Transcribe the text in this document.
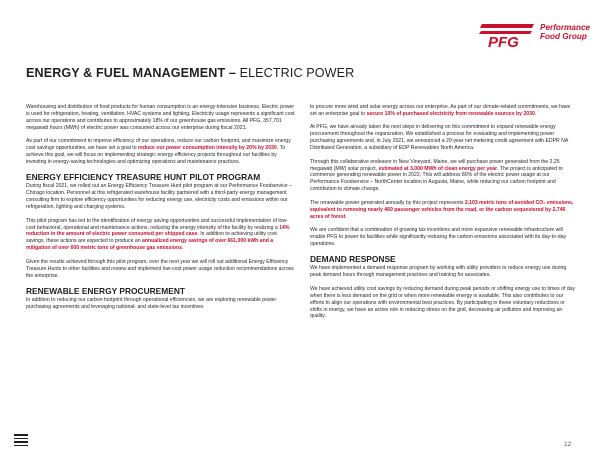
PFG
Performance
Food Group
ENERGY & FUEL MANAGEMENT – ELECTRIC POWER

Warehousing and distribution of food products for human consumption is an energy-intensive business. Electric power is used for refrigeration, heating, ventilation, HVAC systems and lighting. Electricity usage represents a significant cost across our operations and contributes to approximately 18% of our greenhouse gas emissions. All PFG, 357,701 megawatt hours (MWh) of electric power was consumed across our enterprise during fiscal 2021.

As part of our commitment to improve efficiency of our operations, reduce our carbon footprint, and maximize energy cost savings opportunities, we have set a goal to reduce our power consumption intensity by 20% by 2030. To achieve this goal, we will focus on implementing strategic energy efficiency projects throughout our facilities by investing in energy-saving technologies and optimizing operations and maintenance practices.

ENERGY EFFICIENCY TREASURE HUNT PILOT PROGRAM

During fiscal 2021, we rolled out an Energy Efficiency Treasure Hunt pilot program at our Performance Foodservice – Chicago location. Personnel at this refrigerated warehouse facility partnered with a third-party energy management consulting firm to explore efficiency opportunities for reducing energy use, electricity costs and emissions within our refrigeration, lighting and charging systems.

This pilot program has led to the identification of energy saving opportunities and successful implementation of low-cost behavioral, operational and maintenance actions, reducing the energy intensity of the facility by realizing a 14% reduction in the amount of electric power consumed per shipped case. In addition to achieving utility cost savings, these actions are expected to produce an annualized energy savings of over 661,000 kWh and a mitigation of over 600 metric tons of greenhouse gas emissions.

Given the results achieved through this pilot program, over the next year we will roll out additional Energy Efficiency Treasure Hunts to other facilities and review and implement low-cost power usage reduction recommendations across the enterprise.

RENEWABLE ENERGY PROCUREMENT

In addition to reducing our carbon footprint through operational efficiencies, we are exploring renewable power purchasing agreements and leveraging national- and state-level tax incentives

to procure more wind and solar energy across our enterprise. As part of our climate-related commitments, we have set an enterprise goal to secure 10% of purchased electricity from renewable sources by 2030.

At PFG, we have already taken the next steps in delivering on this commitment to expand renewable energy procurement throughout the organization. We established a process for evaluating and implementing power purchasing agreements and, in July 2021, we announced a 20-year net metering credit agreement with EDPR NA Distributed Generation, a subsidiary of EDP Renewables North America.

Through this collaborative endeavor in New Vineyard, Maine, we will purchase power generated from the 2.25 megawatt (MW) solar project, estimated at 3,000 MWh of clean energy per year. The project is anticipated to commence generating renewable power in 2022. This will address 80% of the electric power usage at our Performance Foodservice – NorthCenter location in Augusta, Maine, while reducing our carbon footprint and contribution to climate change.

The renewable power generated annually by this project represents 2,103 metric tons of avoided CO₂ emissions, equivalent to removing nearly 460 passenger vehicles from the road, or the carbon sequestered by 2,746 acres of forest.

We are confident that a combination of growing tax incentives and more expansive renewable infrastructure will enable PFG to power its facilities while significantly reducing the carbon emissions associated with its day-to-day operations.

DEMAND RESPONSE

We have implemented a demand response program by working with utility providers to reduce energy use during peak demand hours through management practices and training for associates.

We have achieved utility cost savings by reducing demand during peak periods or shifting energy use to times of day when there is less demand on the grid or when more renewable energy is available. This also contributes to our efforts to align our operations with environmental best practices. By participating in these voluntary reductions or shifts in energy, we have an active role in reducing stress on the grid, decreasing air pollution and improving air quality.

12
